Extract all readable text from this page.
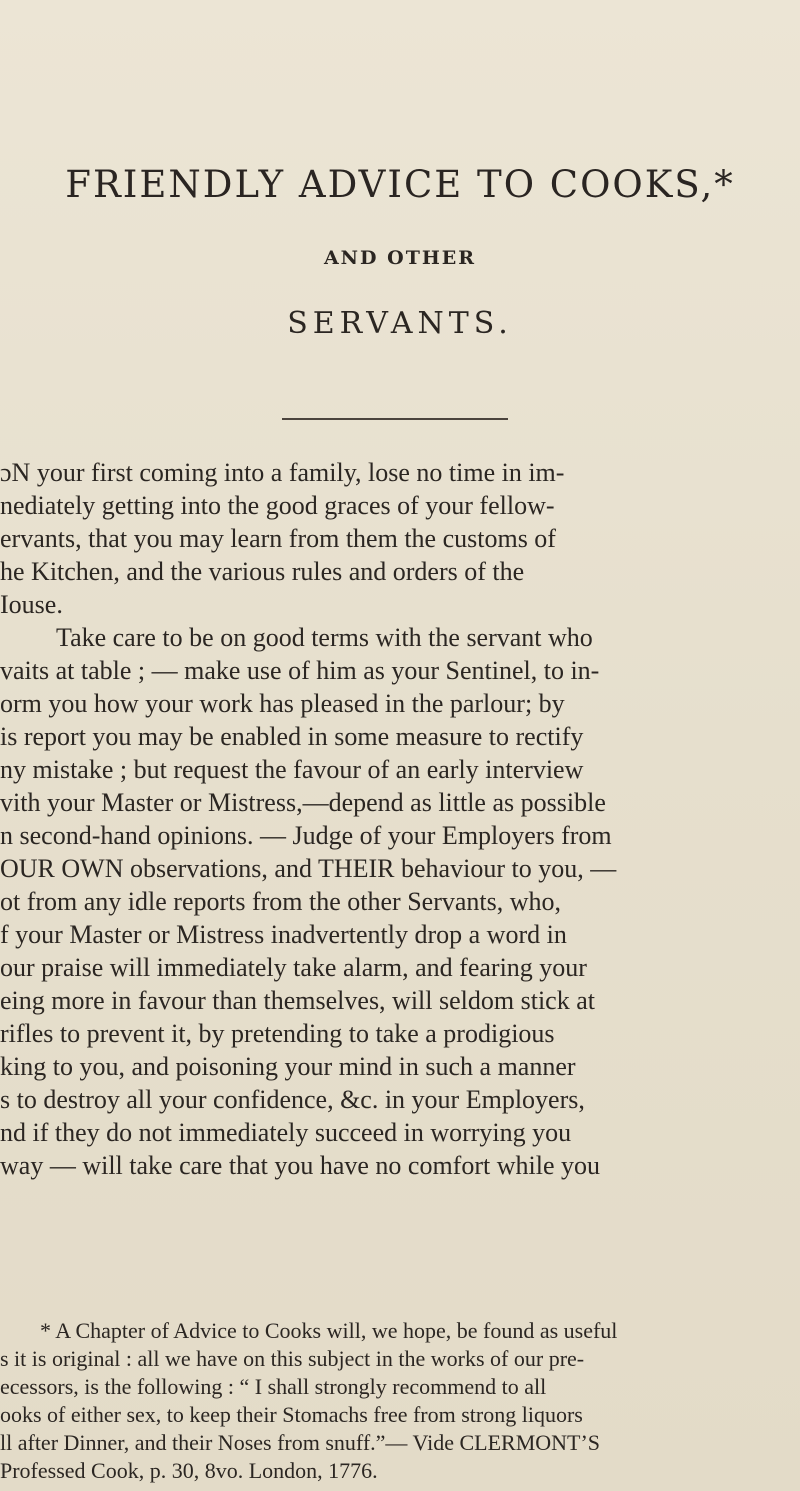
FRIENDLY ADVICE TO COOKS,*
AND OTHER
SERVANTS.
ɔN your first coming into a family, lose no time in im-
nediately getting into the good graces of your fellow-
ervants, that you may learn from them the customs of
he Kitchen, and the various rules and orders of the
Iouse.
Take care to be on good terms with the servant who
vaits at table ; — make use of him as your Sentinel, to in-
orm you how your work has pleased in the parlour; by
is report you may be enabled in some measure to rectify
ny mistake ; but request the favour of an early interview
vith your Master or Mistress,—depend as little as possible
n second-hand opinions. — Judge of your Employers from
OUR OWN observations, and THEIR behaviour to you, —
ot from any idle reports from the other Servants, who,
f your Master or Mistress inadvertently drop a word in
our praise will immediately take alarm, and fearing your
eing more in favour than themselves, will seldom stick at
rifles to prevent it, by pretending to take a prodigious
king to you, and poisoning your mind in such a manner
s to destroy all your confidence, &c. in your Employers,
nd if they do not immediately succeed in worrying you
way — will take care that you have no comfort while you
* A Chapter of Advice to Cooks will, we hope, be found as useful
s it is original : all we have on this subject in the works of our pre-
ecessors, is the following : “ I shall strongly recommend to all
ooks of either sex, to keep their Stomachs free from strong liquors
ll after Dinner, and their Noses from snuff.”— Vide CLERMONT’S
Professed Cook, p. 30, 8vo. London, 1776.
